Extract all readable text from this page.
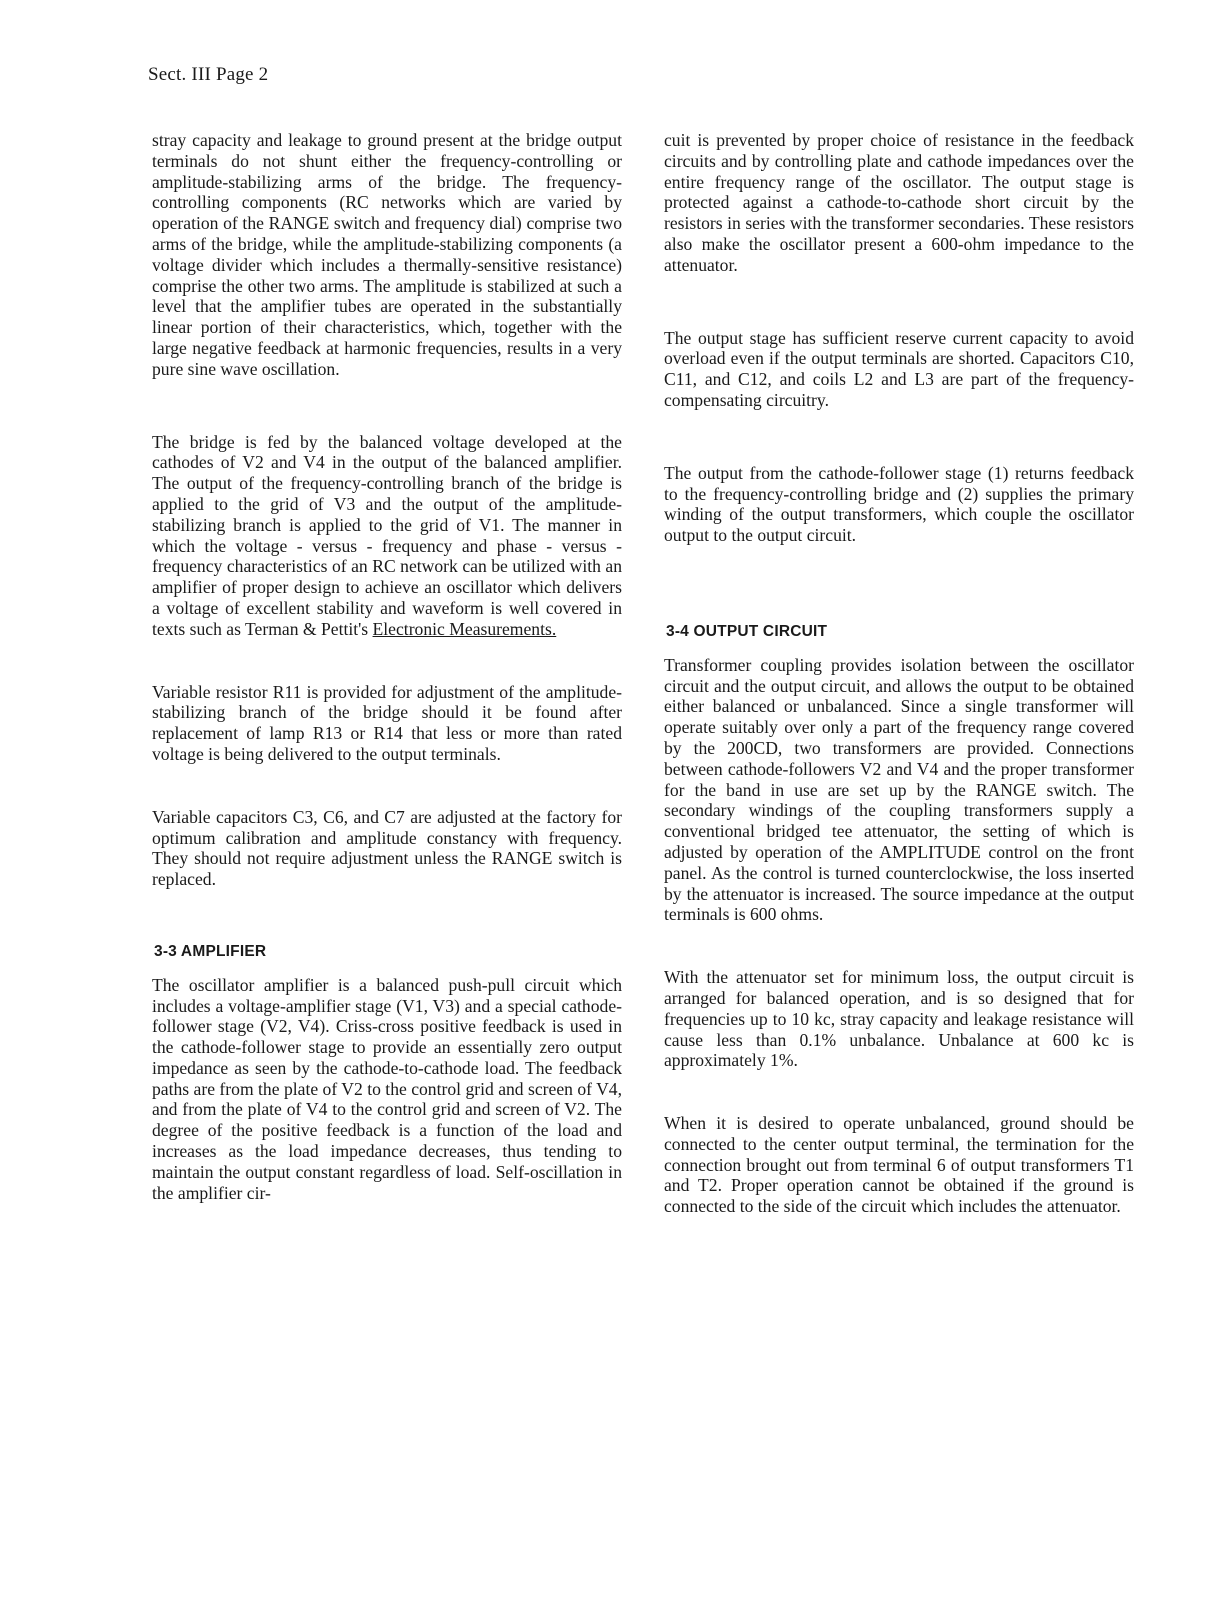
Sect. III Page 2

stray capacity and leakage to ground present at the bridge output terminals do not shunt either the frequency-controlling or amplitude-stabilizing arms of the bridge. The frequency-controlling components (RC networks which are varied by operation of the RANGE switch and frequency dial) comprise two arms of the bridge, while the amplitude-stabilizing components (a voltage divider which includes a thermally-sensitive resistance) comprise the other two arms. The amplitude is stabilized at such a level that the amplifier tubes are operated in the substantially linear portion of their characteristics, which, together with the large negative feedback at harmonic frequencies, results in a very pure sine wave oscillation.

The bridge is fed by the balanced voltage developed at the cathodes of V2 and V4 in the output of the balanced amplifier. The output of the frequency-controlling branch of the bridge is applied to the grid of V3 and the output of the amplitude-stabilizing branch is applied to the grid of V1. The manner in which the voltage - versus - frequency and phase - versus - frequency characteristics of an RC network can be utilized with an amplifier of proper design to achieve an oscillator which delivers a voltage of excellent stability and waveform is well covered in texts such as Terman & Pettit's Electronic Measurements.

Variable resistor R11 is provided for adjustment of the amplitude-stabilizing branch of the bridge should it be found after replacement of lamp R13 or R14 that less or more than rated voltage is being delivered to the output terminals.

Variable capacitors C3, C6, and C7 are adjusted at the factory for optimum calibration and amplitude constancy with frequency. They should not require adjustment unless the RANGE switch is replaced.

3-3 AMPLIFIER

The oscillator amplifier is a balanced push-pull circuit which includes a voltage-amplifier stage (V1, V3) and a special cathode-follower stage (V2, V4). Criss-cross positive feedback is used in the cathode-follower stage to provide an essentially zero output impedance as seen by the cathode-to-cathode load. The feedback paths are from the plate of V2 to the control grid and screen of V4, and from the plate of V4 to the control grid and screen of V2. The degree of the positive feedback is a function of the load and increases as the load impedance decreases, thus tending to maintain the output constant regardless of load. Self-oscillation in the amplifier cir-

cuit is prevented by proper choice of resistance in the feedback circuits and by controlling plate and cathode impedances over the entire frequency range of the oscillator. The output stage is protected against a cathode-to-cathode short circuit by the resistors in series with the transformer secondaries. These resistors also make the oscillator present a 600-ohm impedance to the attenuator.

The output stage has sufficient reserve current capacity to avoid overload even if the output terminals are shorted. Capacitors C10, C11, and C12, and coils L2 and L3 are part of the frequency-compensating circuitry.

The output from the cathode-follower stage (1) returns feedback to the frequency-controlling bridge and (2) supplies the primary winding of the output transformers, which couple the oscillator output to the output circuit.

3-4 OUTPUT CIRCUIT

Transformer coupling provides isolation between the oscillator circuit and the output circuit, and allows the output to be obtained either balanced or unbalanced. Since a single transformer will operate suitably over only a part of the frequency range covered by the 200CD, two transformers are provided. Connections between cathode-followers V2 and V4 and the proper transformer for the band in use are set up by the RANGE switch. The secondary windings of the coupling transformers supply a conventional bridged tee attenuator, the setting of which is adjusted by operation of the AMPLITUDE control on the front panel. As the control is turned counterclockwise, the loss inserted by the attenuator is increased. The source impedance at the output terminals is 600 ohms.

With the attenuator set for minimum loss, the output circuit is arranged for balanced operation, and is so designed that for frequencies up to 10 kc, stray capacity and leakage resistance will cause less than 0.1% unbalance. Unbalance at 600 kc is approximately 1%.

When it is desired to operate unbalanced, ground should be connected to the center output terminal, the termination for the connection brought out from terminal 6 of output transformers T1 and T2. Proper operation cannot be obtained if the ground is connected to the side of the circuit which includes the attenuator.
